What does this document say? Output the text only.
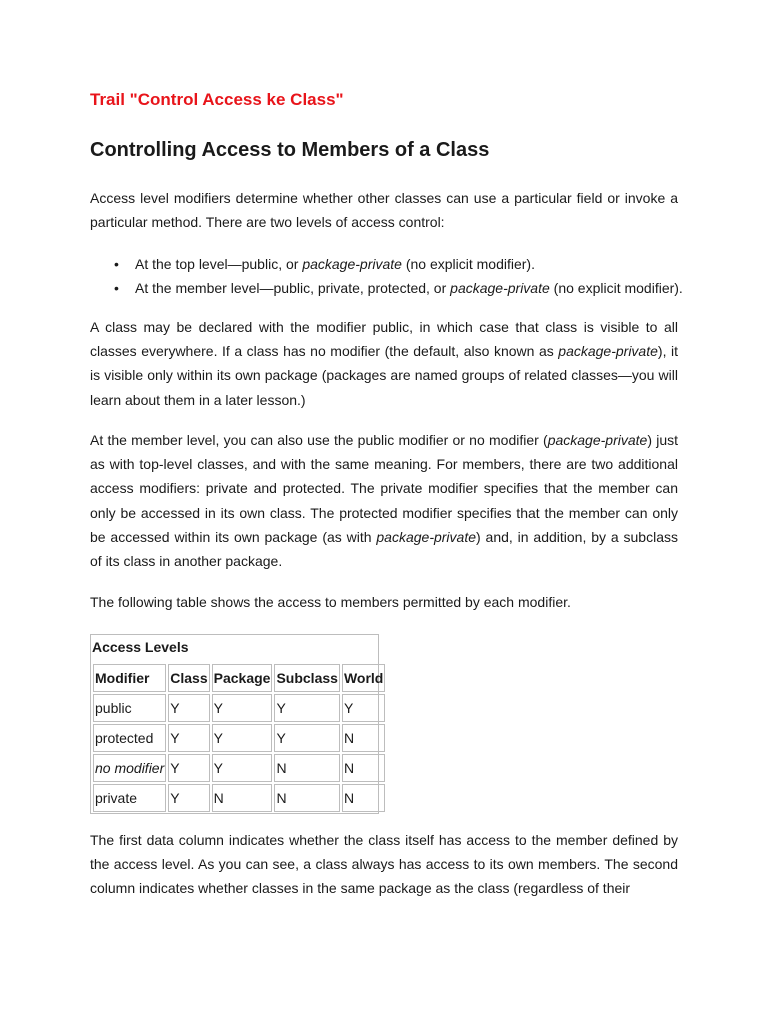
Trail "Control Access ke Class"
Controlling Access to Members of a Class

Access level modifiers determine whether other classes can use a particular field or invoke a particular method. There are two levels of access control:

• At the top level—public, or package-private (no explicit modifier).
• At the member level—public, private, protected, or package-private (no explicit modifier).

A class may be declared with the modifier public, in which case that class is visible to all classes everywhere. If a class has no modifier (the default, also known as package-private), it is visible only within its own package (packages are named groups of related classes—you will learn about them in a later lesson.)

At the member level, you can also use the public modifier or no modifier (package-private) just as with top-level classes, and with the same meaning. For members, there are two additional access modifiers: private and protected. The private modifier specifies that the member can only be accessed in its own class. The protected modifier specifies that the member can only be accessed within its own package (as with package-private) and, in addition, by a subclass of its class in another package.

The following table shows the access to members permitted by each modifier.

Access Levels
Modifier	Class	Package	Subclass	World
public	Y	Y	Y	Y
protected	Y	Y	Y	N
no modifier	Y	Y	N	N
private	Y	N	N	N

The first data column indicates whether the class itself has access to the member defined by the access level. As you can see, a class always has access to its own members. The second column indicates whether classes in the same package as the class (regardless of their
